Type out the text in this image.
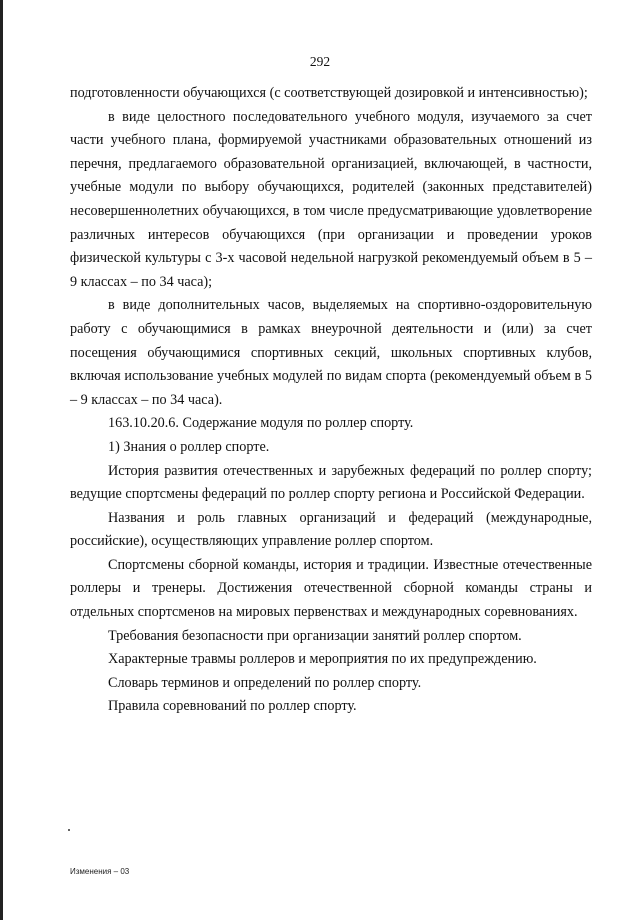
292

подготовленности обучающихся (с соответствующей дозировкой и интенсивностью);

в виде целостного последовательного учебного модуля, изучаемого за счет части учебного плана, формируемой участниками образовательных отношений из перечня, предлагаемого образовательной организацией, включающей, в частности, учебные модули по выбору обучающихся, родителей (законных представителей) несовершеннолетних обучающихся, в том числе предусматривающие удовлетворение различных интересов обучающихся (при организации и проведении уроков физической культуры с 3-х часовой недельной нагрузкой рекомендуемый объем в 5 – 9 классах – по 34 часа);

в виде дополнительных часов, выделяемых на спортивно-оздоровительную работу с обучающимися в рамках внеурочной деятельности и (или) за счет посещения обучающимися спортивных секций, школьных спортивных клубов, включая использование учебных модулей по видам спорта (рекомендуемый объем в 5 – 9 классах – по 34 часа).

163.10.20.6. Содержание модуля по роллер спорту.

1) Знания о роллер спорте.

История развития отечественных и зарубежных федераций по роллер спорту; ведущие спортсмены федераций по роллер спорту региона и Российской Федерации.

Названия и роль главных организаций и федераций (международные, российские), осуществляющих управление роллер спортом.

Спортсмены сборной команды, история и традиции. Известные отечественные роллеры и тренеры. Достижения отечественной сборной команды страны и отдельных спортсменов на мировых первенствах и международных соревнованиях.

Требования безопасности при организации занятий роллер спортом.

Характерные травмы роллеров и мероприятия по их предупреждению.

Словарь терминов и определений по роллер спорту.

Правила соревнований по роллер спорту.

Изменения – 03
